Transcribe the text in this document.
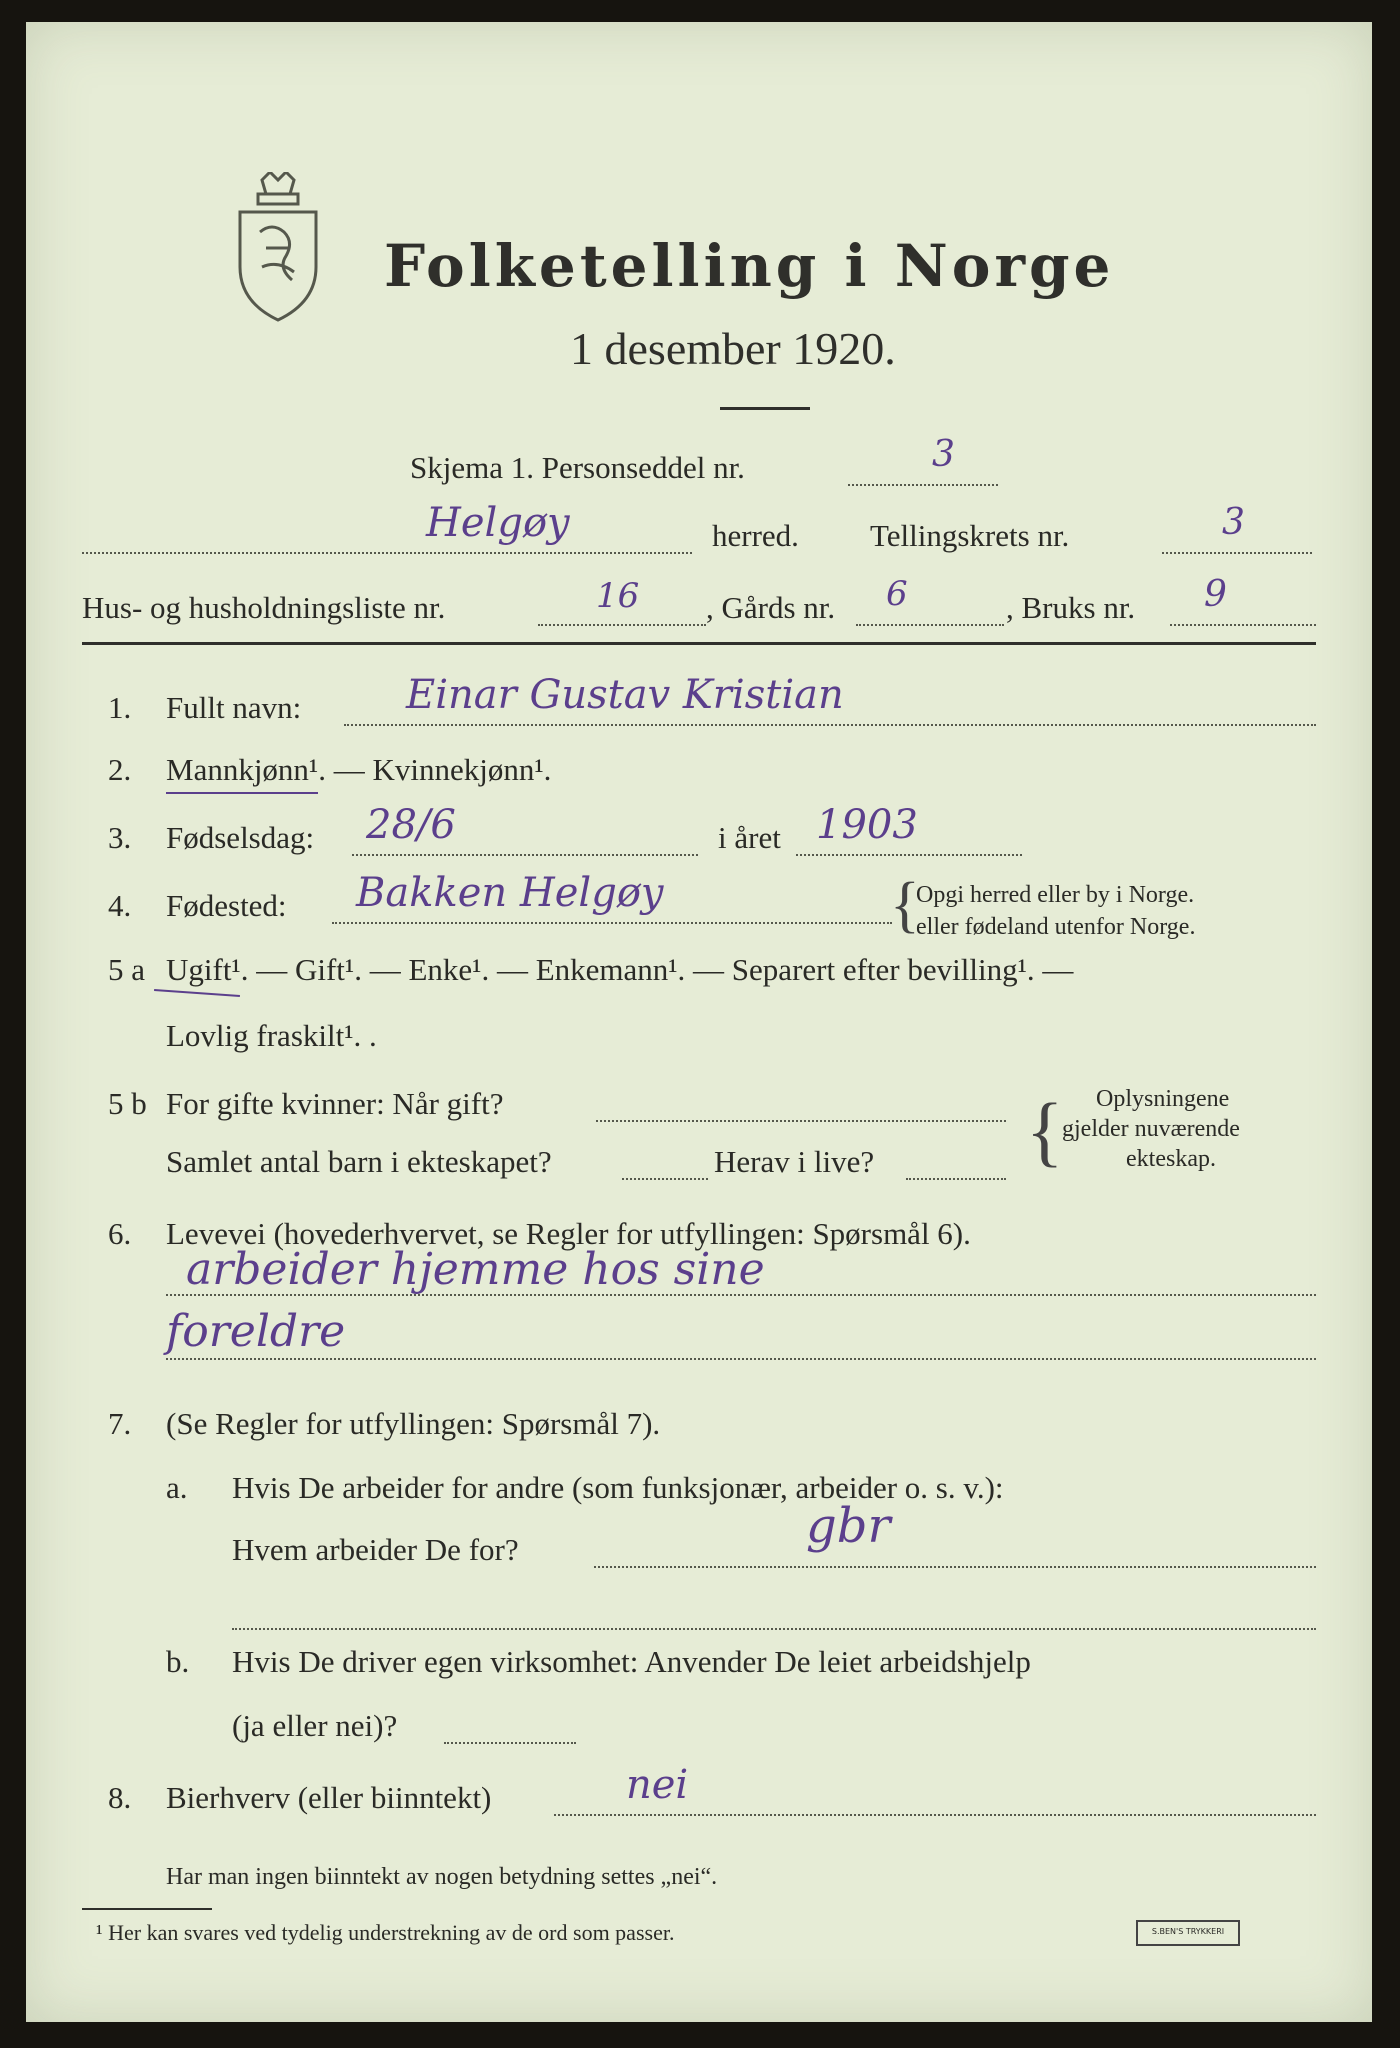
Folketelling i Norge
1 desember 1920.
Skjema 1. Personseddel nr.	3
Helgøy	herred. Tellingskrets nr.	3
Hus- og husholdningsliste nr.	16 , Gårds nr. 6	, Bruks nr. 9
1. Fullt navn:	Einar Gustav Kristian
2. Mannkjønn¹. — Kvinnekjønn¹.
3. Fødselsdag: 28/6	i året 1903
4. Fødested: Bakken Helgøy	{
Opgi herred eller by i Norge.
eller fødeland utenfor Norge.
5 a Ugift¹. — Gift¹. — Enke¹. — Enkemann¹. — Separert efter bevilling¹. —
Lovlig fraskilt¹. .
5 b For gifte kvinner: Når gift?
Samlet antal barn i ekteskapet?	Herav i live? { Oplysningene
gjelder nuværende
ekteskap.
6. Levevei (hovederhvervet, se Regler for utfyllingen: Spørsmål 6).
arbeider hjemme hos sine
foreldre
7. (Se Regler for utfyllingen: Spørsmål 7).
a. Hvis De arbeider for andre (som funksjonær, arbeider o. s. v.):
Hvem arbeider De for?	gbr
b. Hvis De driver egen virksomhet: Anvender De leiet arbeidshjelp
(ja eller nei)?
8. Bierhverv (eller biinntekt)	nei
Har man ingen biinntekt av nogen betydning settes „nei“.
¹ Her kan svares ved tydelig understrekning av de ord som passer.	S.BEN'S TRYKKERI
